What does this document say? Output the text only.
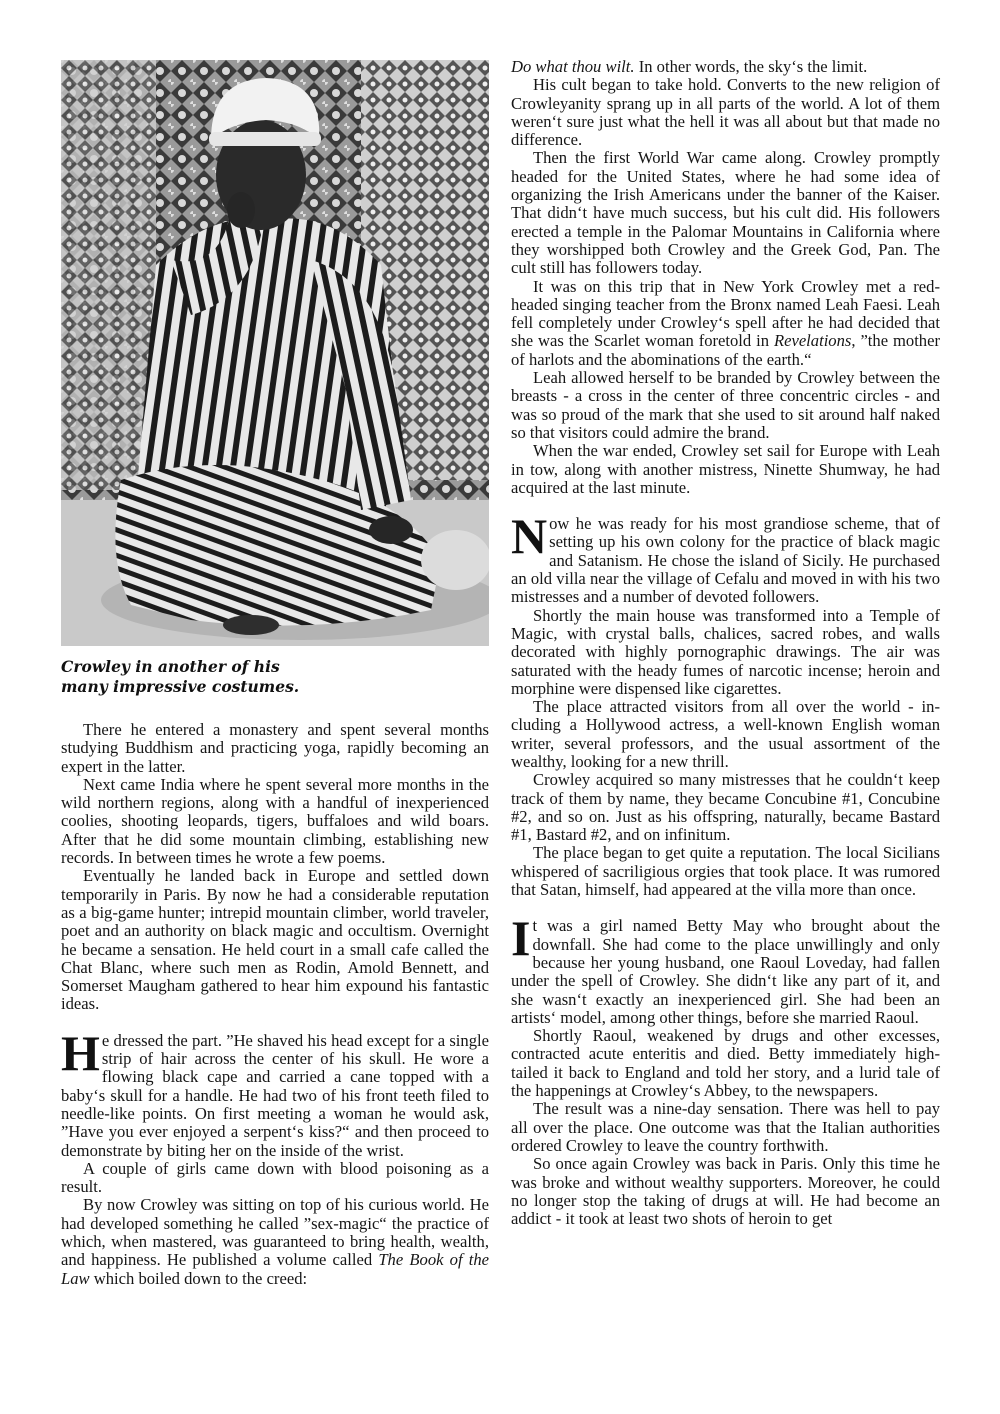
Crowley in another of his
many impressive costumes.

There he entered a monastery and spent several months studying Buddhism and practicing yoga, rapidly becoming an expert in the latter.

Next came India where he spent several more months in the wild northern regions, along with a handful of inexperienced coolies, shooting leopards, tigers, buffaloes and wild boars. After that he did some mountain climbing, establishing new records. In between times he wrote a few poems.

Eventually he landed back in Europe and settled down temporarily in Paris. By now he had a considerable reputation as a big-game hunter; intrepid mountain climber, world traveler, poet and an authority on black magic and occultism. Overnight he became a sensation. He held court in a small cafe called the Chat Blanc, where such men as Rodin, Amold Bennett, and Somerset Maugham gathered to hear him expound his fantastic ideas.

He dressed the part. ”He shaved his head except for a single strip of hair across the center of his skull. He wore a flowing black cape and carried a cane topped with a baby‘s skull for a handle. He had two of his front teeth filed to needle-like points. On first meeting a woman he would ask, ”Have you ever enjoyed a serpent‘s kiss?“ and then proceed to demonstrate by biting her on the inside of the wrist.

A couple of girls came down with blood poisoning as a result.

By now Crowley was sitting on top of his curious world. He had developed something he called ”sex-magic“ the practice of which, when mastered, was guaranteed to bring health, wealth, and happiness. He published a volume called The Book of the Law which boiled down to the creed:

Do what thou wilt. In other words, the sky‘s the limit.

His cult began to take hold. Converts to the new religion of Crowleyanity sprang up in all parts of the world. A lot of them weren‘t sure just what the hell it was all about but that made no difference.

Then the first World War came along. Crowley promptly headed for the United States, where he had some idea of organizing the Irish Americans under the banner of the Kaiser. That didn‘t have much success, but his cult did. His followers erected a temple in the Palomar Mountains in California where they worshipped both Crowley and the Greek God, Pan. The cult still has followers today.

It was on this trip that in New York Crowley met a redheaded singing teacher from the Bronx named Leah Faesi. Leah fell completely under Crowley‘s spell after he had decided that she was the Scarlet woman foretold in Revelations, ”the mother of harlots and the abominations of the earth.“

Leah allowed herself to be branded by Crowley between the breasts - a cross in the center of three concentric circles - and was so proud of the mark that she used to sit around half naked so that visitors could admire the brand.

When the war ended, Crowley set sail for Europe with Leah in tow, along with another mistress, Ninette Shumway, he had acquired at the last minute.

Now he was ready for his most grandiose scheme, that of setting up his own colony for the practice of black magic and Satanism. He chose the island of Sicily. He purchased an old villa near the village of Cefalu and moved in with his two mistresses and a number of devoted followers.

Shortly the main house was transformed into a Temple of Magic, with crystal balls, chalices, sacred robes, and walls decorated with highly pornographic drawings. The air was saturated with the heady fumes of narcotic incense; heroin and morphine were dispensed like cigarettes.

The place attracted visitors from all over the world - including a Hollywood actress, a well-known English woman writer, several professors, and the usual assortment of the wealthy, looking for a new thrill.

Crowley acquired so many mistresses that he couldn‘t keep track of them by name, they became Concubine #1, Concubine #2, and so on. Just as his offspring, naturally, became Bastard #1, Bastard #2, and on infinitum.

The place began to get quite a reputation. The local Sicilians whispered of sacriligious orgies that took place. It was rumored that Satan, himself, had appeared at the villa more than once.

It was a girl named Betty May who brought about the downfall. She had come to the place unwillingly and only because her young husband, one Raoul Loveday, had fallen under the spell of Crowley. She didn‘t like any part of it, and she wasn‘t exactly an inexperienced girl. She had been an artists‘ model, among other things, before she married Raoul.

Shortly Raoul, weakened by drugs and other excesses, contracted acute enteritis and died. Betty immediately high-tailed it back to England and told her story, and a lurid tale of the happenings at Crowley‘s Abbey, to the newspapers.

The result was a nine-day sensation. There was hell to pay all over the place. One outcome was that the Italian authorities ordered Crowley to leave the country forthwith.

So once again Crowley was back in Paris. Only this time he was broke and without wealthy supporters. Moreover, he could no longer stop the taking of drugs at will. He had become an addict - it took at least two shots of heroin to get
